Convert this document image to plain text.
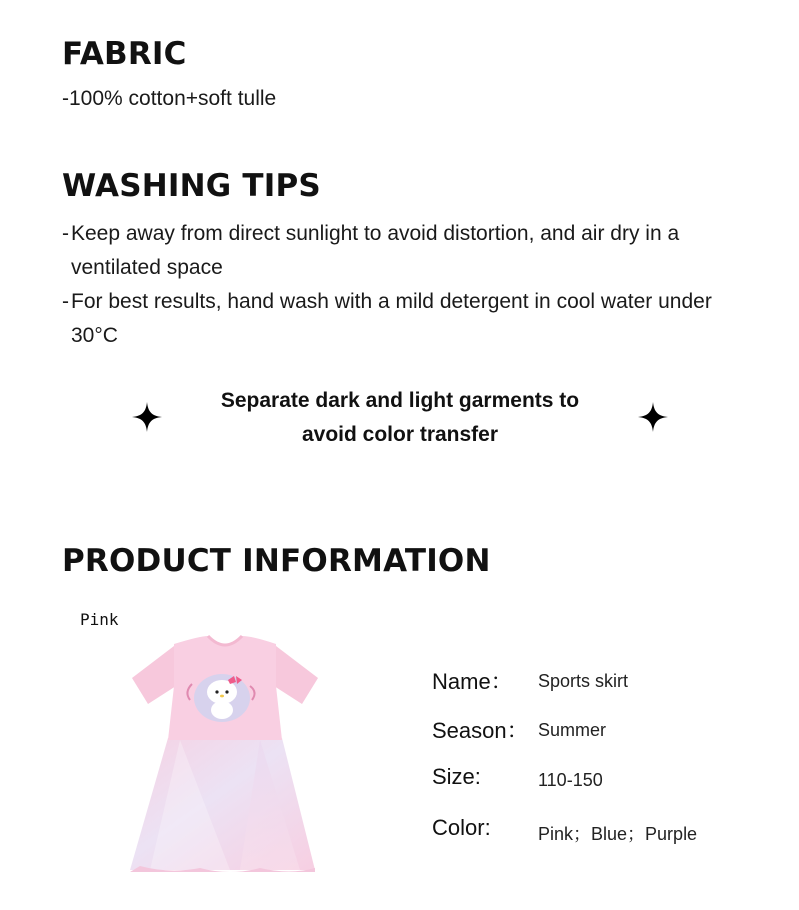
FABRIC

-100% cotton+soft tulle

WASHING TIPS
- Keep away from direct sunlight to avoid distortion, and air dry in a ventilated space
- For best results, hand wash with a mild detergent in cool water under 30°C
Separate dark and light garments to
avoid color transfer
PRODUCT INFORMATION
Pink
Name： Sports skirt
Season： Summer
Size:	110-150
Color:	Pink；Blue；Purple
